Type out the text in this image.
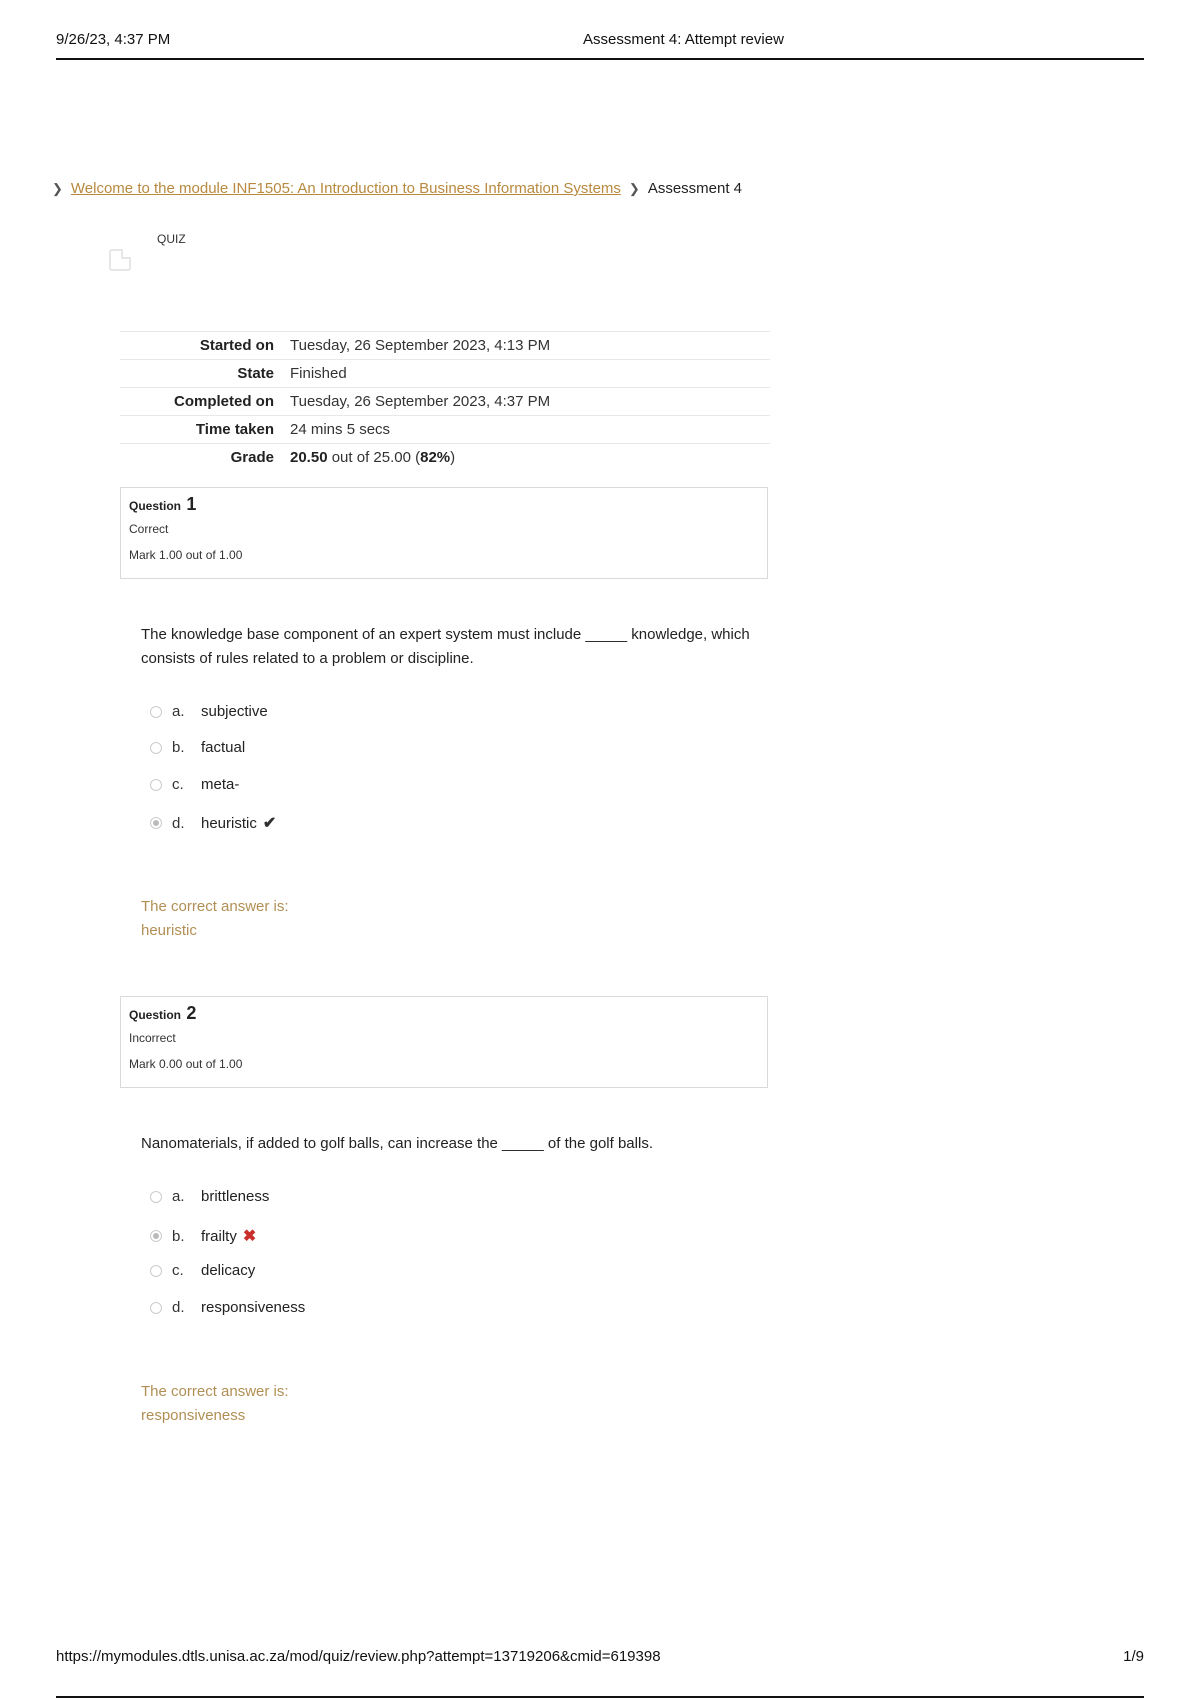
9/26/23, 4:37 PM	Assessment 4: Attempt review
❯ Welcome to the module INF1505: An Introduction to Business Information Systems ❯ Assessment 4
QUIZ
Started on	Tuesday, 26 September 2023, 4:13 PM
State	Finished
Completed on	Tuesday, 26 September 2023, 4:37 PM
Time taken	24 mins 5 secs
Grade	20.50 out of 25.00 (82%)
Question 1
Correct
Mark 1.00 out of 1.00
The knowledge base component of an expert system must include _____ knowledge, which consists of rules related to a problem or discipline.
a.	subjective
b.	factual
c.	meta-
d.	heuristic ✔
The correct answer is:
heuristic
Question 2
Incorrect
Mark 0.00 out of 1.00
Nanomaterials, if added to golf balls, can increase the _____ of the golf balls.
a.	brittleness
b.	frailty ✖
c.	delicacy
d.	responsiveness
The correct answer is:
responsiveness
https://mymodules.dtls.unisa.ac.za/mod/quiz/review.php?attempt=13719206&cmid=619398	1/9
